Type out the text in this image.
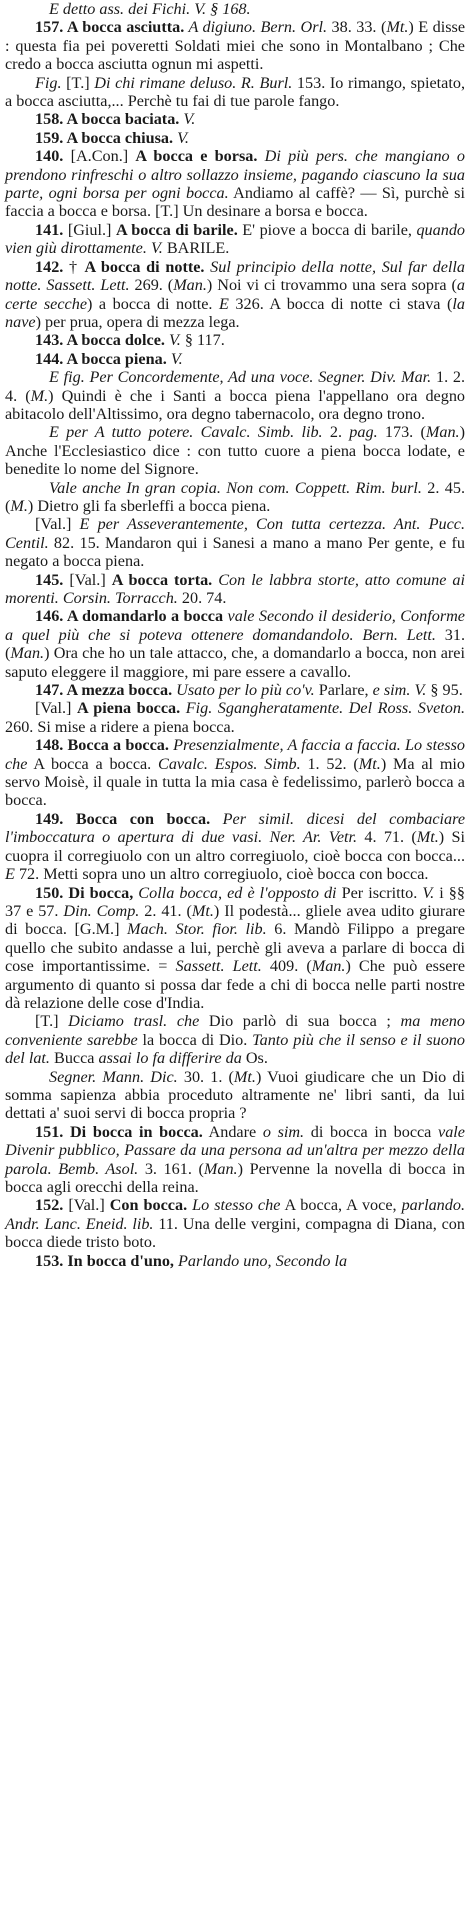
E detto ass. dei Fichi. V. § 168.

157. A bocca asciutta. A digiuno. Bern. Orl. 38. 33. (Mt.) E disse : questa fia pei poveretti Soldati miei che sono in Montalbano ; Che credo a bocca asciutta ognun mi aspetti.

Fig. [T.] Di chi rimane deluso. R. Burl. 153. Io rimango, spietato, a bocca asciutta,... Perchè tu fai di tue parole fango.

158. A bocca baciata. V.

159. A bocca chiusa. V.

140. [A.Con.] A bocca e borsa. Di più pers. che mangiano o prendono rinfreschi o altro sollazzo insieme, pagando ciascuno la sua parte, ogni borsa per ogni bocca. Andiamo al caffè? — Sì, purchè si faccia a bocca e borsa. [T.] Un desinare a borsa e bocca.

141. [Giul.] A bocca di barile. E' piove a bocca di barile, quando vien giù dirottamente. V. BARILE.

142. † A bocca di notte. Sul principio della notte, Sul far della notte. Sassett. Lett. 269. (Man.) Noi vi ci trovammo una sera sopra (a certe secche) a bocca di notte. E 326. A bocca di notte ci stava (la nave) per prua, opera di mezza lega.

143. A bocca dolce. V. § 117.

144. A bocca piena. V.

E fig. Per Concordemente, Ad una voce. Segner. Div. Mar. 1. 2. 4. (M.) Quindi è che i Santi a bocca piena l'appellano ora degno abitacolo dell'Altissimo, ora degno tabernacolo, ora degno trono.

E per A tutto potere. Cavalc. Simb. lib. 2. pag. 173. (Man.) Anche l'Ecclesiastico dice : con tutto cuore a piena bocca lodate, e benedite lo nome del Signore.

Vale anche In gran copia. Non com. Coppett. Rim. burl. 2. 45. (M.) Dietro gli fa sberleffi a bocca piena.

[Val.] E per Asseverantemente, Con tutta certezza. Ant. Pucc. Centil. 82. 15. Mandaron qui i Sanesi a mano a mano Per gente, e fu negato a bocca piena.

145. [Val.] A bocca torta. Con le labbra storte, atto comune ai morenti. Corsin. Torracch. 20. 74.

146. A domandarlo a bocca vale Secondo il desiderio, Conforme a quel più che si poteva ottenere domandandolo. Bern. Lett. 31. (Man.) Ora che ho un tale attacco, che, a domandarlo a bocca, non arei saputo eleggere il maggiore, mi pare essere a cavallo.

147. A mezza bocca. Usato per lo più co'v. Parlare, e sim. V. § 95.

[Val.] A piena bocca. Fig. Sgangheratamente. Del Ross. Sveton. 260. Si mise a ridere a piena bocca.

148. Bocca a bocca. Presenzialmente, A faccia a faccia. Lo stesso che A bocca a bocca. Cavalc. Espos. Simb. 1. 52. (Mt.) Ma al mio servo Moisè, il quale in tutta la mia casa è fedelissimo, parlerò bocca a bocca.

149. Bocca con bocca. Per simil. dicesi del combaciare l'imboccatura o apertura di due vasi. Ner. Ar. Vetr. 4. 71. (Mt.) Si cuopra il corregiuolo con un altro corregiuolo, cioè bocca con bocca... E 72. Metti sopra uno un altro corregiuolo, cioè bocca con bocca.

150. Di bocca, Colla bocca, ed è l'opposto di Per iscritto. V. i §§ 37 e 57. Din. Comp. 2. 41. (Mt.) Il podestà... gliele avea udito giurare di bocca. [G.M.] Mach. Stor. fior. lib. 6. Mandò Filippo a pregare quello che subito andasse a lui, perchè gli aveva a parlare di bocca di cose importantissime. = Sassett. Lett. 409. (Man.) Che può essere argumento di quanto si possa dar fede a chi di bocca nelle parti nostre dà relazione delle cose d'India.

[T.] Diciamo trasl. che Dio parlò di sua bocca ; ma meno conveniente sarebbe la bocca di Dio. Tanto più che il senso e il suono del lat. Bucca assai lo fa differire da Os.

Segner. Mann. Dic. 30. 1. (Mt.) Vuoi giudicare che un Dio di somma sapienza abbia proceduto altramente ne' libri santi, da lui dettati a' suoi servi di bocca propria ?

151. Di bocca in bocca. Andare o sim. di bocca in bocca vale Divenir pubblico, Passare da una persona ad un'altra per mezzo della parola. Bemb. Asol. 3. 161. (Man.) Pervenne la novella di bocca in bocca agli orecchi della reina.

152. [Val.] Con bocca. Lo stesso che A bocca, A voce, parlando. Andr. Lanc. Eneid. lib. 11. Una delle vergini, compagna di Diana, con bocca diede tristo boto.

153. In bocca d'uno, Parlando uno, Secondo la
